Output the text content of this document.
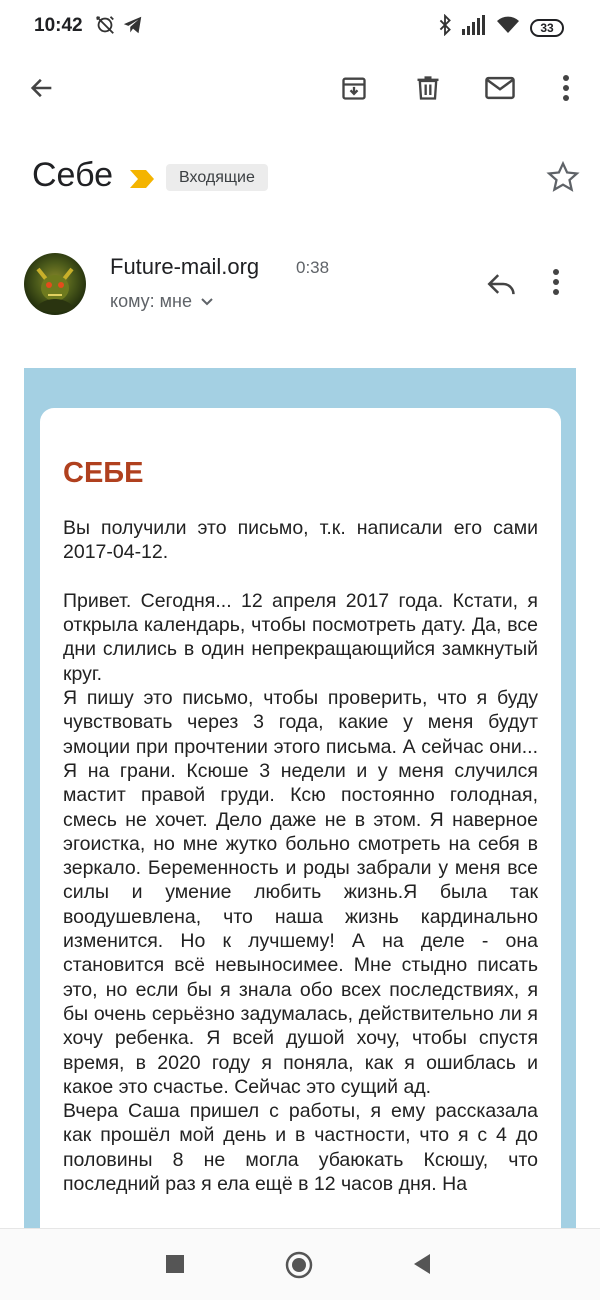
10:42	33
Себе	Входящие
Future-mail.org 0:38
кому: мне
СЕБЕ

Вы получили это письмо, т.к. написали его сами 2017-04-12.

Привет. Сегодня... 12 апреля 2017 года. Кстати, я открыла календарь, чтобы посмотреть дату. Да, все дни слились в один непрекращающийся замкнутый круг.

Я пишу это письмо, чтобы проверить, что я буду чувствовать через 3 года, какие у меня будут эмоции при прочтении этого письма. А сейчас они... Я на грани. Ксюше 3 недели и у меня случился мастит правой груди. Ксю постоянно голодная, смесь не хочет. Дело даже не в этом. Я наверное эгоистка, но мне жутко больно смотреть на себя в зеркало. Беременность и роды забрали у меня все силы и умение любить жизнь.Я была так воодушевлена, что наша жизнь кардинально изменится. Но к лучшему! А на деле - она становится всё невыносимее. Мне стыдно писать это, но если бы я знала обо всех последствиях, я бы очень серьёзно задумалась, действительно ли я хочу ребенка. Я всей душой хочу, чтобы спустя время, в 2020 году я поняла, как я ошиблась и какое это счастье. Сейчас это сущий ад.

Вчера Саша пришел с работы, я ему рассказала как прошёл мой день и в частности, что я с 4 до половины 8 не могла убаюкать Ксюшу, что последний раз я ела ещё в 12 часов дня. На
